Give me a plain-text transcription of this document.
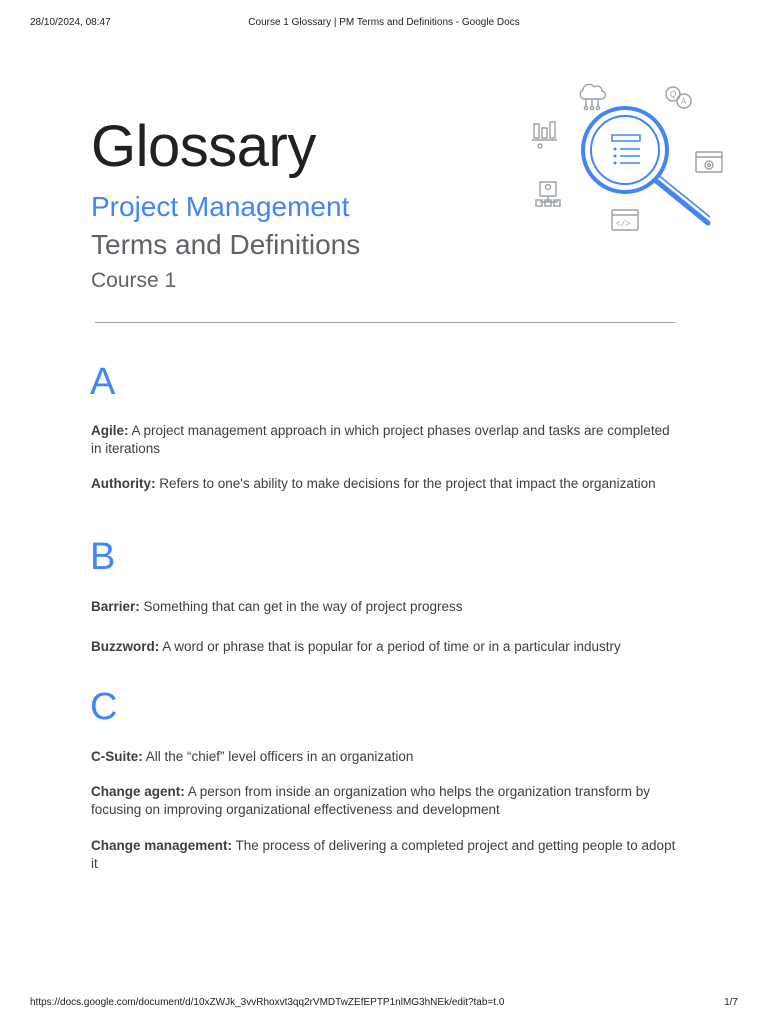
28/10/2024, 08:47	Course 1 Glossary | PM Terms and Definitions - Google Docs
Glossary
Project Management
Terms and Definitions
Course 1
Q
A
</>
A
Agile: A project management approach in which project phases overlap and tasks are completed in iterations
Authority: Refers to one's ability to make decisions for the project that impact the organization
B
Barrier: Something that can get in the way of project progress
Buzzword: A word or phrase that is popular for a period of time or in a particular industry
C
C-Suite: All the “chief” level officers in an organization
Change agent: A person from inside an organization who helps the organization transform by focusing on improving organizational effectiveness and development
Change management: The process of delivering a completed project and getting people to adopt it
https://docs.google.com/document/d/10xZWJk_3vvRhoxvt3qq2rVMDTwZEfEPTP1nlMG3hNEk/edit?tab=t.0	1/7
